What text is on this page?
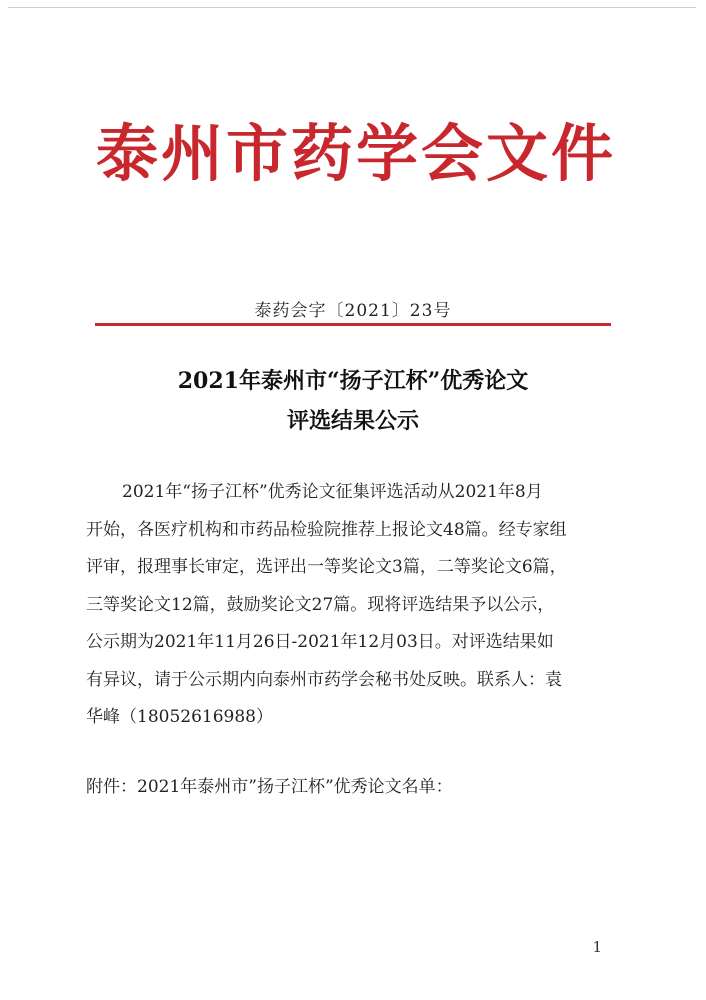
泰州市药学会文件
泰药会字〔2021〕23号
2021年泰州市“扬子江杯”优秀论文
评选结果公示
2021年“扬子江杯”优秀论文征集评选活动从2021年8月
开始，各医疗机构和市药品检验院推荐上报论文48篇。经专家组
评审，报理事长审定，选评出一等奖论文3篇，二等奖论文6篇，
三等奖论文12篇，鼓励奖论文27篇。现将评选结果予以公示，
公示期为2021年11月26日-2021年12月03日。对评选结果如
有异议，请于公示期内向泰州市药学会秘书处反映。联系人：袁
华峰（18052616988）
附件：2021年泰州市”扬子江杯”优秀论文名单：
1
